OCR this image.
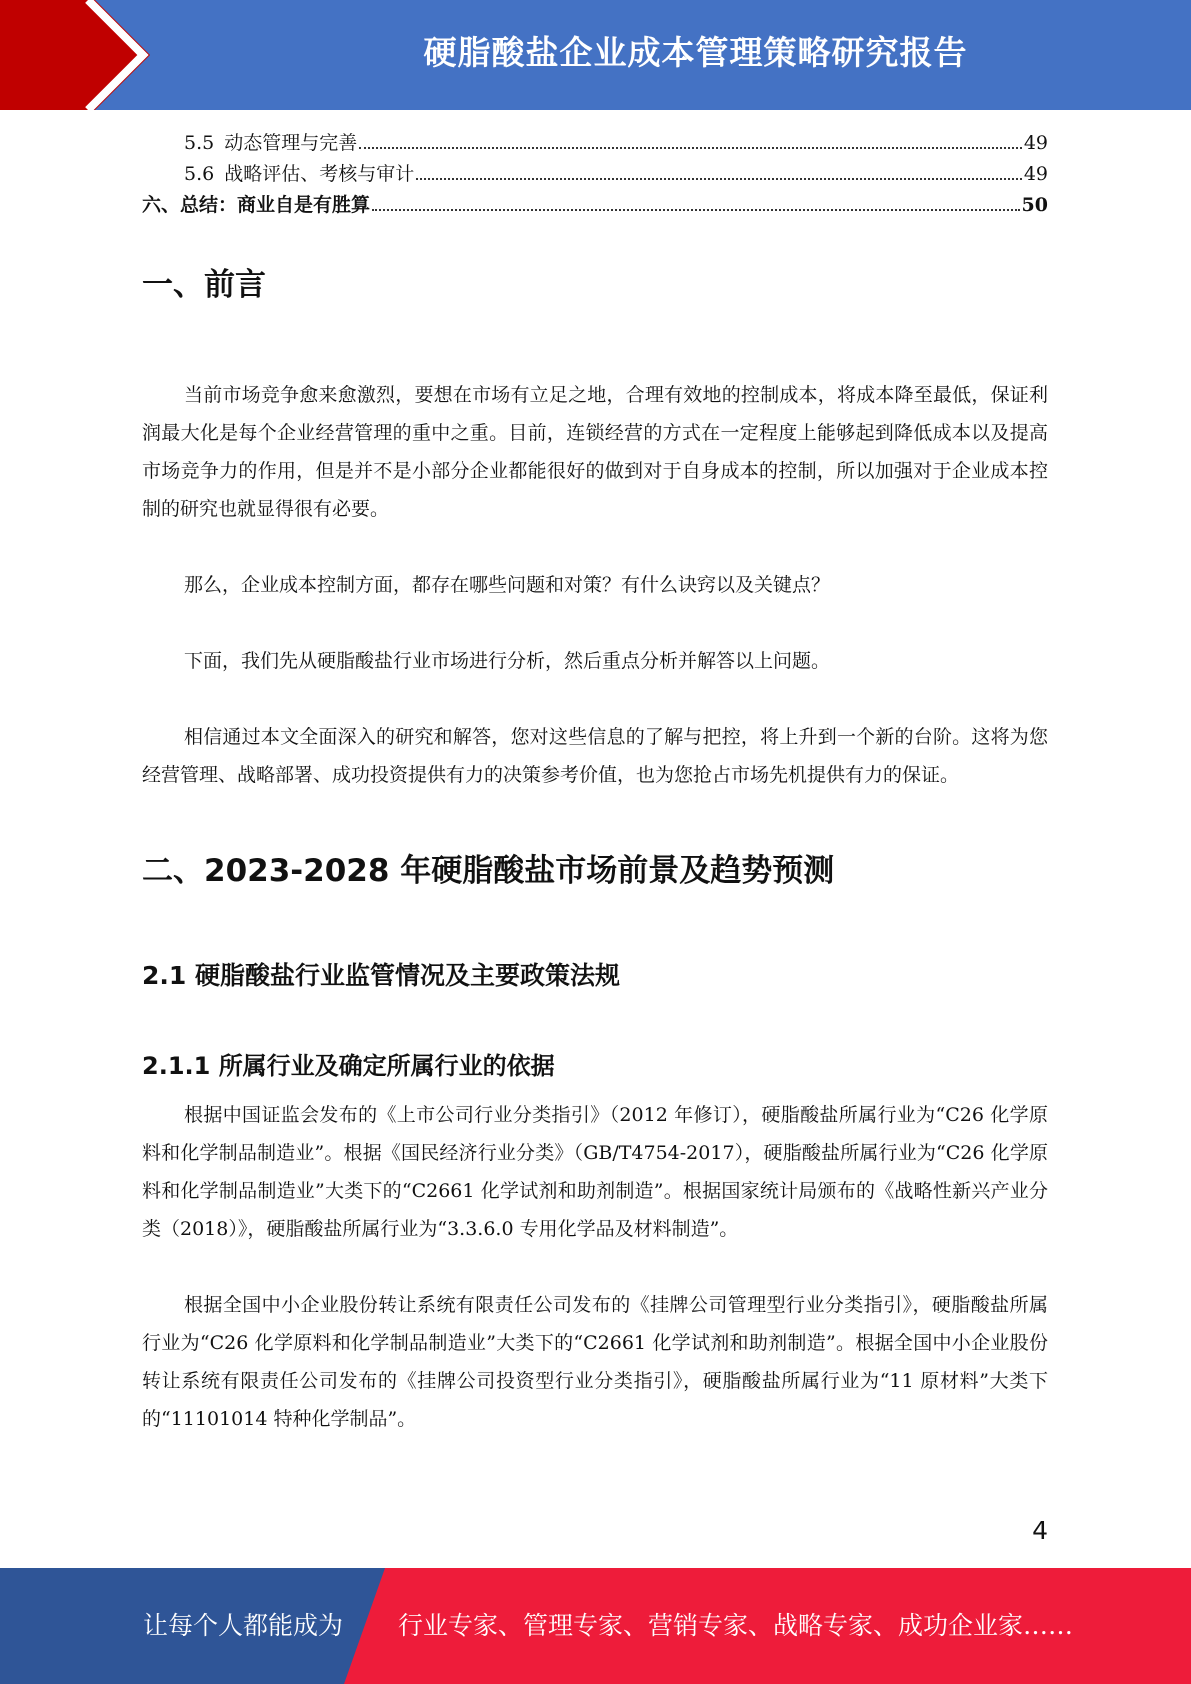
硬脂酸盐企业成本管理策略研究报告
5.5 动态管理与完善	49
5.6 战略评估、考核与审计	49
六、总结：商业自是有胜算	50
一、前言

当前市场竞争愈来愈激烈，要想在市场有立足之地，合理有效地的控制成本，将成本降至最低，保证利润最大化是每个企业经营管理的重中之重。目前，连锁经营的方式在一定程度上能够起到降低成本以及提高市场竞争力的作用，但是并不是小部分企业都能很好的做到对于自身成本的控制，所以加强对于企业成本控制的研究也就显得很有必要。

那么，企业成本控制方面，都存在哪些问题和对策？有什么诀窍以及关键点？

下面，我们先从硬脂酸盐行业市场进行分析，然后重点分析并解答以上问题。

相信通过本文全面深入的研究和解答，您对这些信息的了解与把控，将上升到一个新的台阶。这将为您经营管理、战略部署、成功投资提供有力的决策参考价值，也为您抢占市场先机提供有力的保证。

二、2023-2028 年硬脂酸盐市场前景及趋势预测
2.1 硬脂酸盐行业监管情况及主要政策法规
2.1.1 所属行业及确定所属行业的依据

根据中国证监会发布的《上市公司行业分类指引》（2012 年修订），硬脂酸盐所属行业为“C26 化学原料和化学制品制造业”。根据《国民经济行业分类》（GB/T4754-2017），硬脂酸盐所属行业为“C26 化学原料和化学制品制造业”大类下的“C2661 化学试剂和助剂制造”。根据国家统计局颁布的《战略性新兴产业分类（2018）》，硬脂酸盐所属行业为“3.3.6.0 专用化学品及材料制造”。

根据全国中小企业股份转让系统有限责任公司发布的《挂牌公司管理型行业分类指引》，硬脂酸盐所属行业为“C26 化学原料和化学制品制造业”大类下的“C2661 化学试剂和助剂制造”。根据全国中小企业股份转让系统有限责任公司发布的《挂牌公司投资型行业分类指引》，硬脂酸盐所属行业为“11 原材料”大类下的“11101014 特种化学制品”。

4
让每个人都能成为 行业专家、管理专家、营销专家、战略专家、成功企业家……
